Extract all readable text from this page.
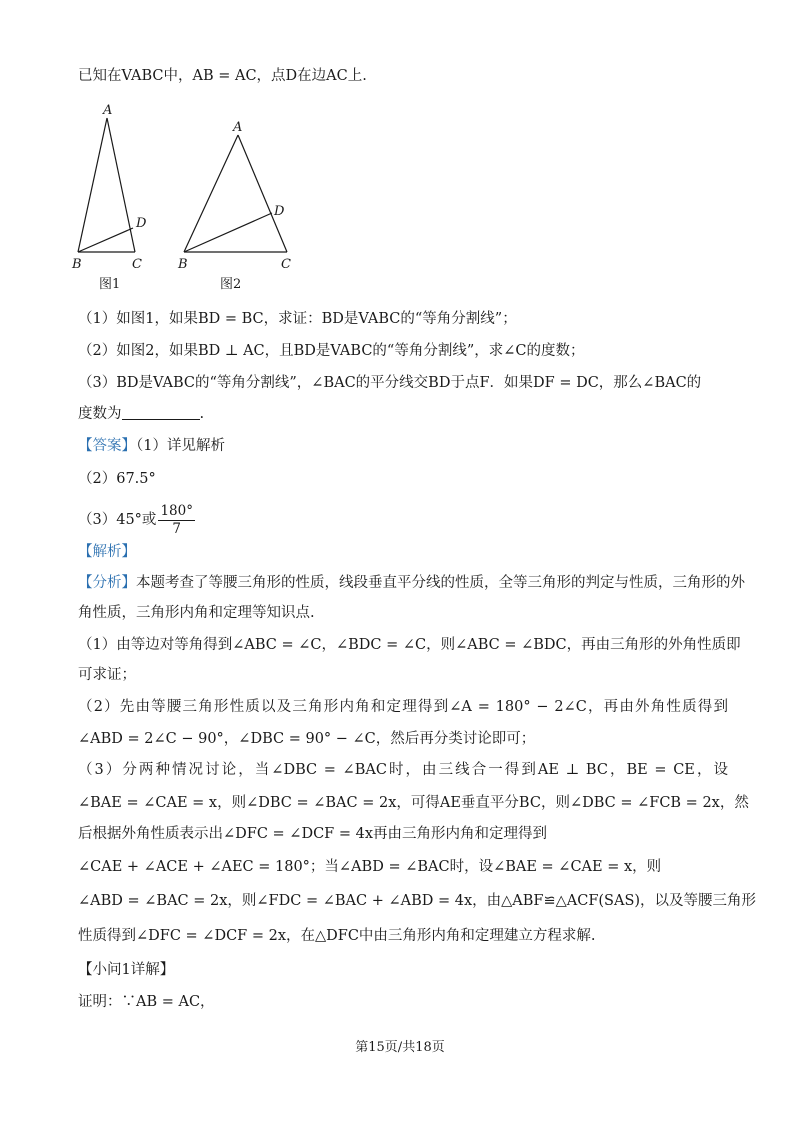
已知在VABC中，AB = AC，点D在边AC上.
A
D
B	C
图1
A
D
B	C
图2
（1）如图1，如果BD = BC，求证：BD是VABC的“等角分割线”；
（2）如图2，如果BD ⊥ AC，且BD是VABC的“等角分割线”，求∠C的度数；
（3）BD是VABC的“等角分割线”，∠BAC的平分线交BD于点F．如果DF = DC，那么∠BAC的
度数为	.
【答案】（1）详见解析
（2）67.5°
（3）45°或 $\frac{180^\circ}{7}$
【解析】
【分析】本题考查了等腰三角形的性质，线段垂直平分线的性质，全等三角形的判定与性质，三角形的外
角性质，三角形内角和定理等知识点.
（1）由等边对等角得到∠ABC = ∠C，∠BDC = ∠C，则∠ABC = ∠BDC，再由三角形的外角性质即
可求证；
（2）先由等腰三角形性质以及三角形内角和定理得到∠A = 180° − 2∠C，再由外角性质得到
∠ABD = 2∠C − 90°，∠DBC = 90° − ∠C，然后再分类讨论即可；
（3）分两种情况讨论，当∠DBC = ∠BAC时，由三线合一得到AE ⊥ BC，BE = CE，设
∠BAE = ∠CAE = x，则∠DBC = ∠BAC = 2x，可得AE垂直平分BC，则∠DBC = ∠FCB = 2x，然
后根据外角性质表示出∠DFC = ∠DCF = 4x再由三角形内角和定理得到
∠CAE + ∠ACE + ∠AEC = 180°；当∠ABD = ∠BAC时，设∠BAE = ∠CAE = x，则
∠ABD = ∠BAC = 2x，则∠FDC = ∠BAC + ∠ABD = 4x，由△ABF≌△ACF(SAS)，以及等腰三角形
性质得到∠DFC = ∠DCF = 2x，在△DFC中由三角形内角和定理建立方程求解.
【小问1详解】
证明：∵AB = AC，
第15页/共18页
